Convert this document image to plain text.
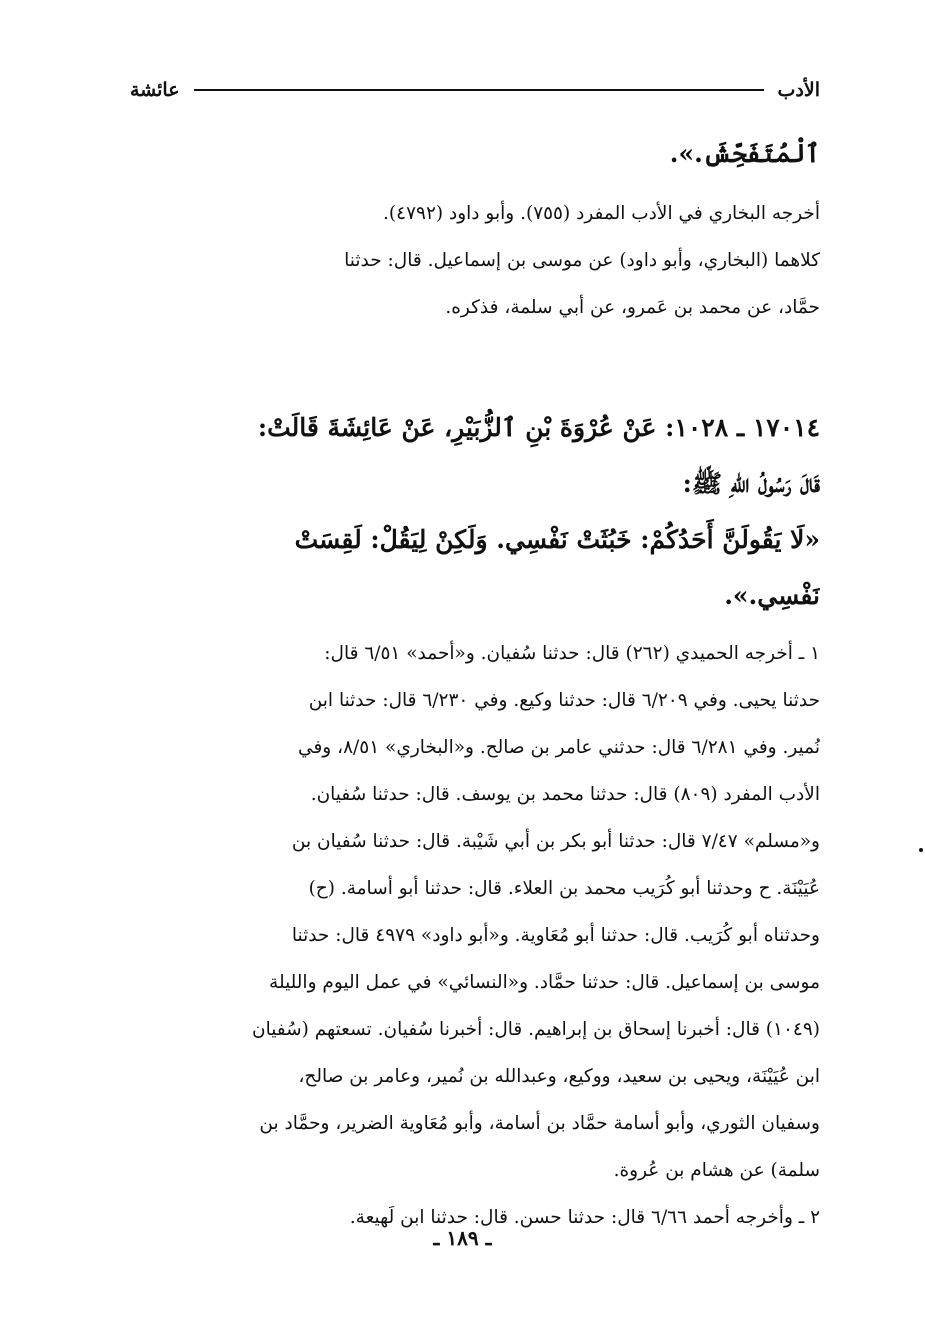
الأدب
عائشة
ٱلْمُتَفَحِّشَ.».
أخرجه البخاري في الأدب المفرد (٧٥٥). وأبو داود (٤٧٩٢).
كلاهما (البخاري، وأبو داود) عن موسى بن إسماعيل. قال: حدثنا
حمَّاد، عن محمد بن عَمرو، عن أبي سلمة، فذكره.
١٧٠١٤ ـ ١٠٢٨: عَنْ عُرْوَةَ بْنِ ٱلزُّبَيْرِ، عَنْ عَائِشَةَ قَالَتْ:
قَالَ رَسُولُ اللهِ ﷺ:
«لَا يَقُولَنَّ أَحَدُكُمْ: خَبُثَتْ نَفْسِي. وَلَكِنْ لِيَقُلْ: لَقِسَتْ
نَفْسِي.».
١ ـ أخرجه الحميدي (٢٦٢) قال: حدثنا سُفيان. و«أحمد» ٦/٥١ قال:
حدثنا يحيى. وفي ٦/٢٠٩ قال: حدثنا وكيع. وفي ٦/٢٣٠ قال: حدثنا ابن
نُمير. وفي ٦/٢٨١ قال: حدثني عامر بن صالح. و«البخاري» ٨/٥١، وفي
الأدب المفرد (٨٠٩) قال: حدثنا محمد بن يوسف. قال: حدثنا سُفيان.
و«مسلم» ٧/٤٧ قال: حدثنا أبو بكر بن أبي شَيْبة. قال: حدثنا سُفيان بن
عُيَيْنَة. ح وحدثنا أبو كُرَيب محمد بن العلاء. قال: حدثنا أبو أسامة. (ح)
وحدثناه أبو كُرَيب. قال: حدثنا أبو مُعَاوية. و«أبو داود» ٤٩٧٩ قال: حدثنا
موسى بن إسماعيل. قال: حدثنا حمَّاد. و«النسائي» في عمل اليوم والليلة
(١٠٤٩) قال: أخبرنا إسحاق بن إبراهيم. قال: أخبرنا سُفيان. تسعتهم (سُفيان
ابن عُيَيْنَة، ويحيى بن سعيد، ووكيع، وعبدالله بن نُمير، وعامر بن صالح،
وسفيان الثوري، وأبو أسامة حمَّاد بن أسامة، وأبو مُعَاوية الضرير، وحمَّاد بن
سلمة) عن هشام بن عُروة.
٢ ـ وأخرجه أحمد ٦/٦٦ قال: حدثنا حسن. قال: حدثنا ابن لَهيعة.
ـ ١٨٩ ـ
